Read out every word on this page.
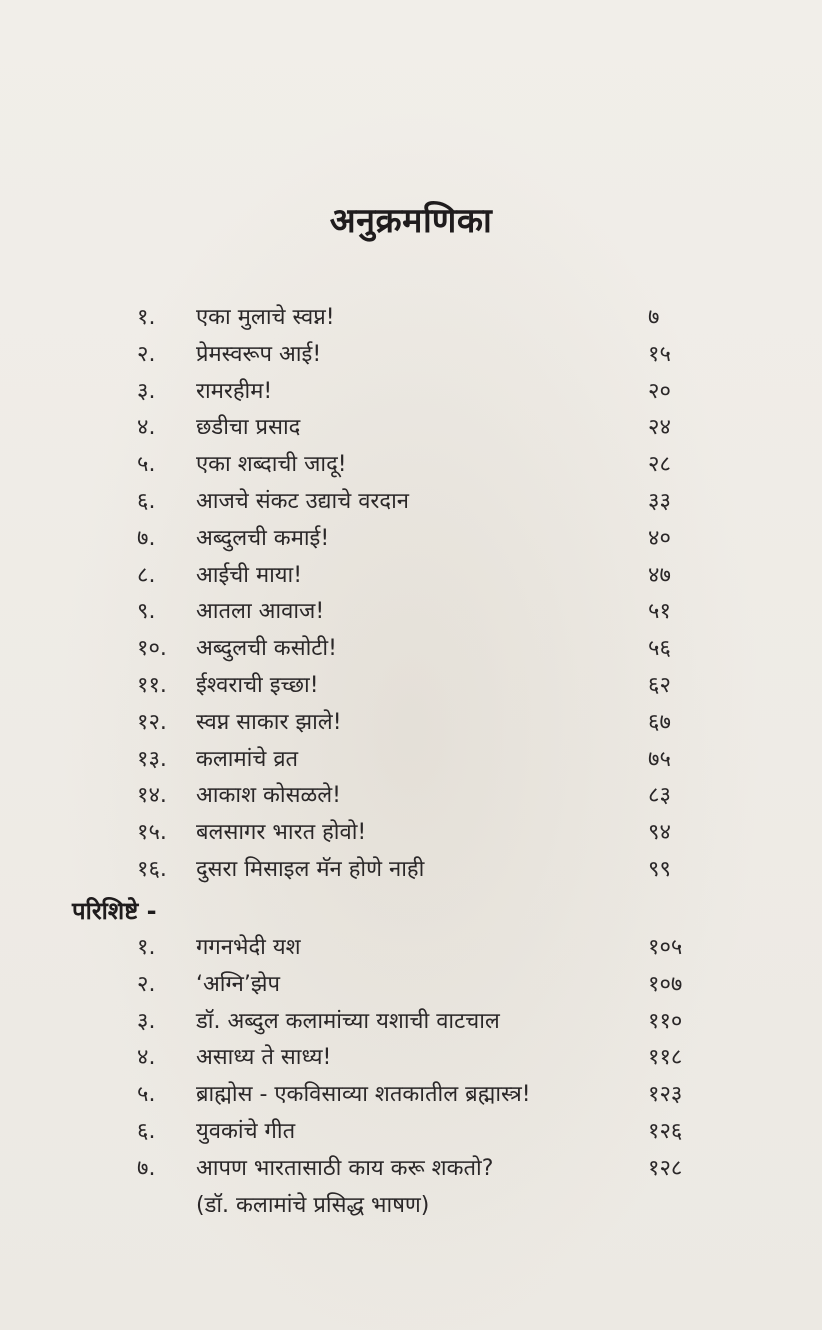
अनुक्रमणिका
१. एका मुलाचे स्वप्न!	७
२. प्रेमस्वरूप आई!	१५
३. रामरहीम!	२०
४. छडीचा प्रसाद	२४
५. एका शब्दाची जादू!	२८
६. आजचे संकट उद्याचे वरदान	३३
७. अब्दुलची कमाई!	४०
८. आईची माया!	४७
९. आतला आवाज!	५१
१०. अब्दुलची कसोटी!	५६
११. ईश्वराची इच्छा!	६२
१२. स्वप्न साकार झाले!	६७
१३. कलामांचे व्रत	७५
१४. आकाश कोसळले!	८३
१५. बलसागर भारत होवो!	९४
१६. दुसरा मिसाइल मॅन होणे नाही	९९
परिशिष्टे -
१. गगनभेदी यश	१०५
२. ‘अग्नि’झेप	१०७
३. डॉ. अब्दुल कलामांच्या यशाची वाटचाल	११०
४. असाध्य ते साध्य!	११८
५. ब्राह्मोस - एकविसाव्या शतकातील ब्रह्मास्त्र!	१२३
६. युवकांचे गीत	१२६
७. आपण भारतासाठी काय करू शकतो?	१२८
(डॉ. कलामांचे प्रसिद्ध भाषण)
